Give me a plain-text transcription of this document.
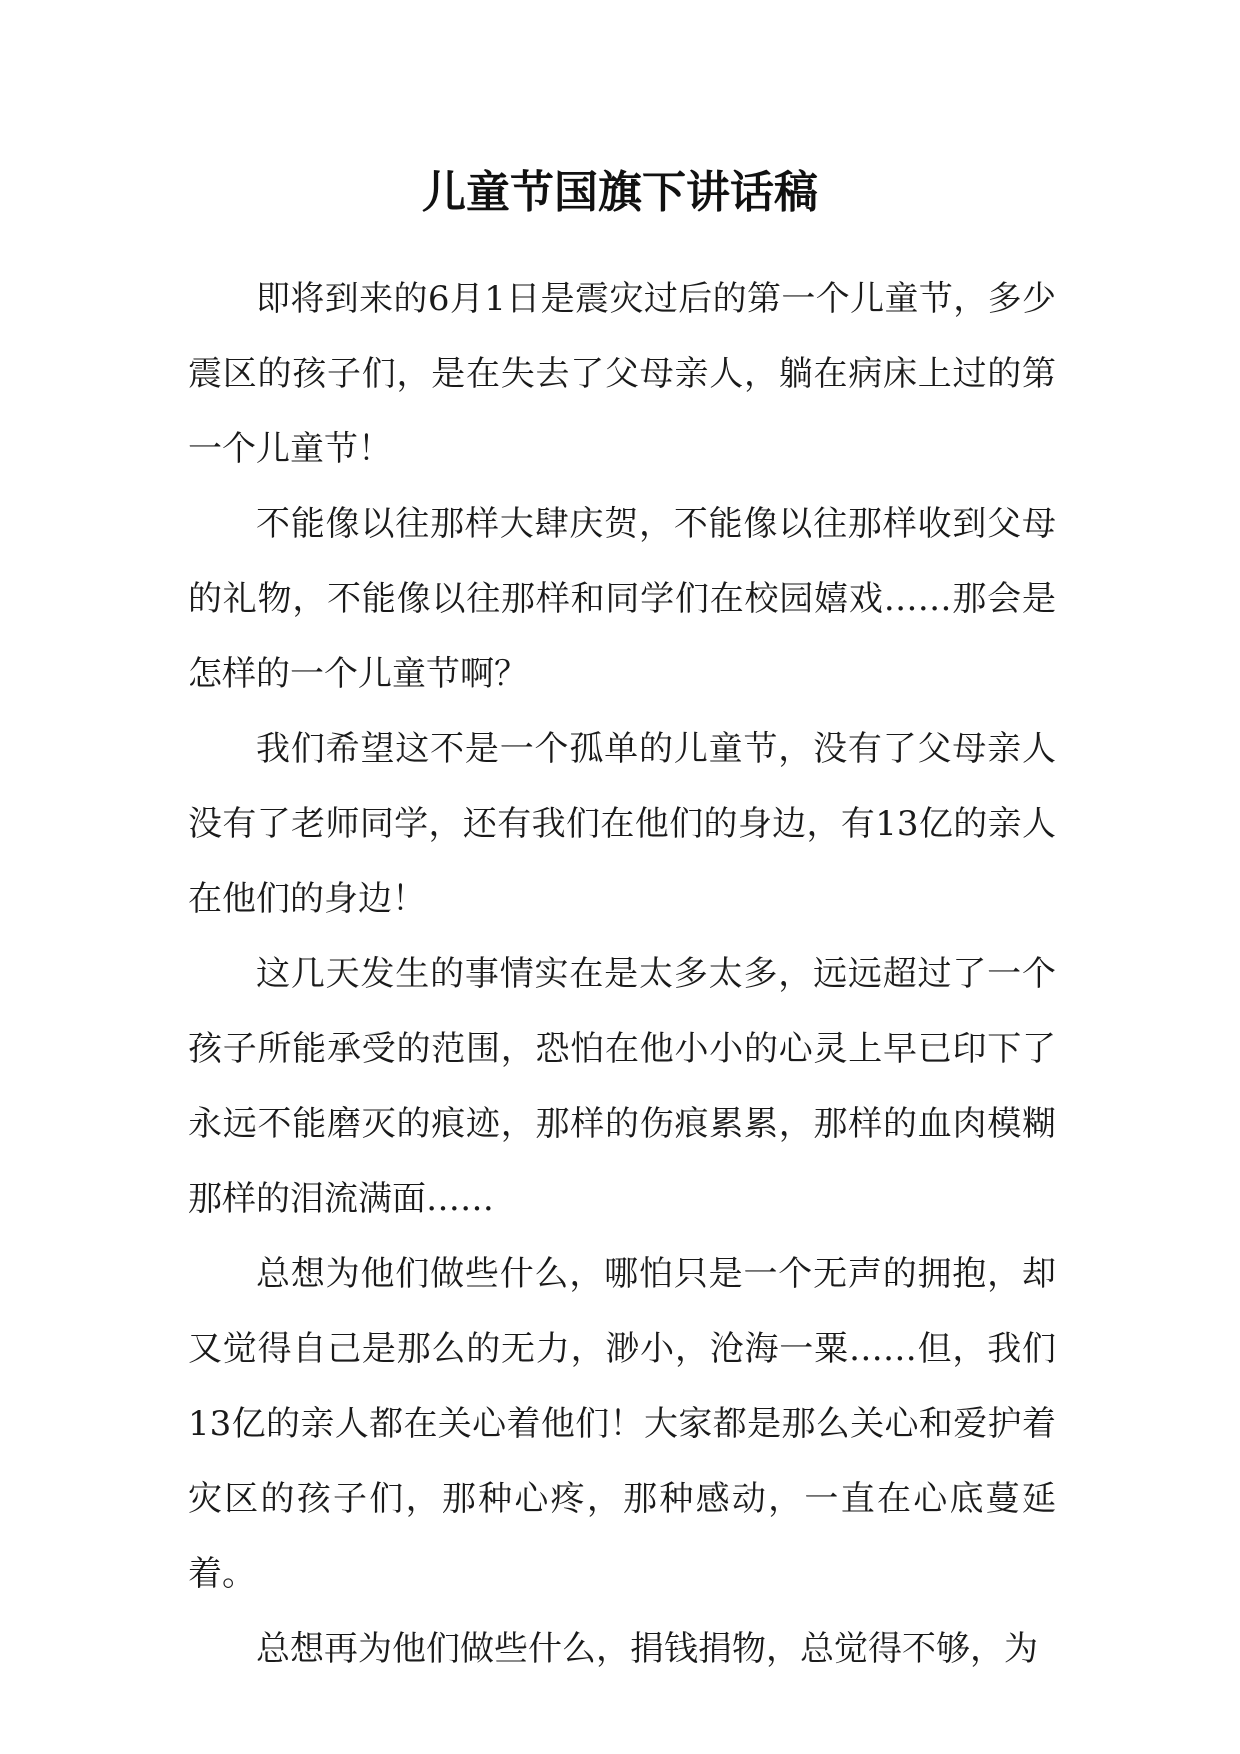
儿童节国旗下讲话稿

即将到来的6月1日是震灾过后的第一个儿童节，多少震区的孩子们，是在失去了父母亲人，躺在病床上过的第一个儿童节！

不能像以往那样大肆庆贺，不能像以往那样收到父母的礼物，不能像以往那样和同学们在校园嬉戏……那会是怎样的一个儿童节啊？

我们希望这不是一个孤单的儿童节，没有了父母亲人没有了老师同学，还有我们在他们的身边，有13亿的亲人在他们的身边！

这几天发生的事情实在是太多太多，远远超过了一个孩子所能承受的范围，恐怕在他小小的心灵上早已印下了永远不能磨灭的痕迹，那样的伤痕累累，那样的血肉模糊那样的泪流满面……

总想为他们做些什么，哪怕只是一个无声的拥抱，却又觉得自己是那么的无力，渺小，沧海一粟……但，我们13亿的亲人都在关心着他们！大家都是那么关心和爱护着灾区的孩子们，那种心疼，那种感动，一直在心底蔓延着。

总想再为他们做些什么，捐钱捐物，总觉得不够，为
